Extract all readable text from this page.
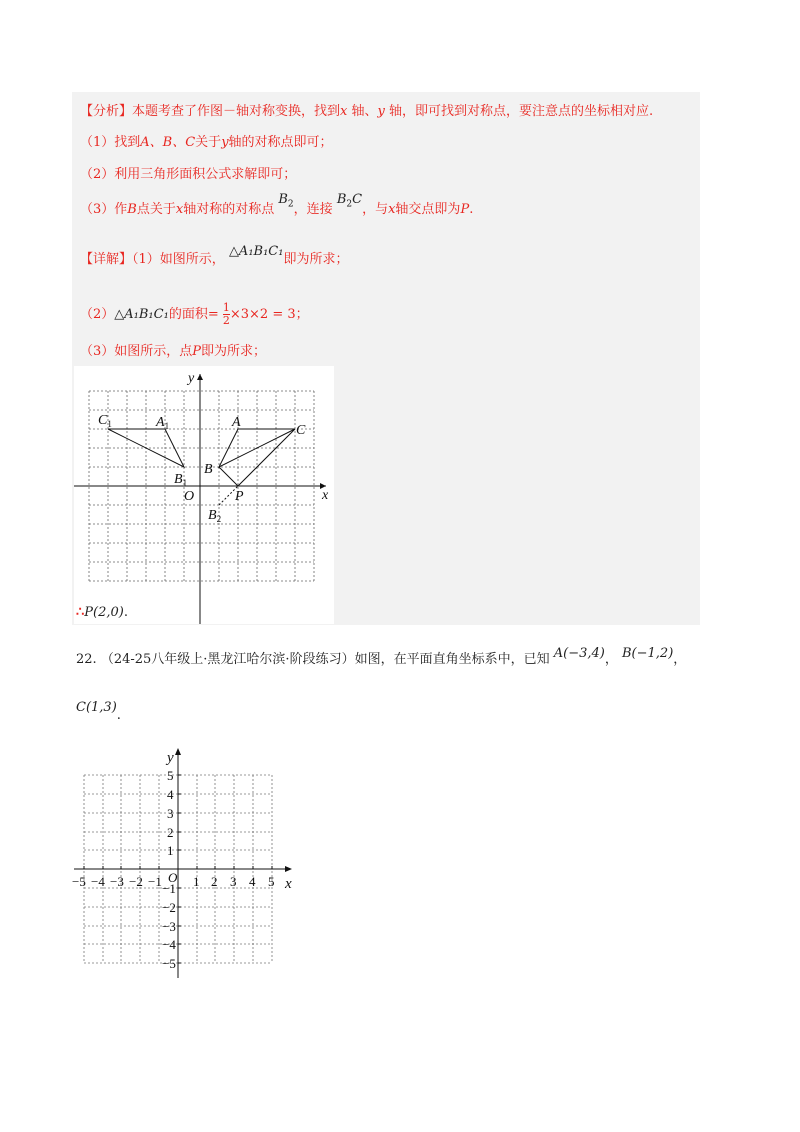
【分析】本题考查了作图－轴对称变换，找到x 轴、y 轴，即可找到对称点，要注意点的坐标相对应.
（1）找到A、B、C关于y轴的对称点即可；
（2）利用三角形面积公式求解即可；
（3）作B点关于x轴对称的对称点 $B_2$，连接 $B_2C$，与x轴交点即为P.
【详解】（1）如图所示， △A₁B₁C₁即为所求；
（2）△A₁B₁C₁的面积= $\frac{1}{2} \times 3\times 2 = 3$；
（3）如图所示，点P即为所求；
y
x
O
A
B
C
$A_1$
$B_1$
$C_1$
P
$B_2$
∴P(2,0).
22. （24-25八年级上·黑龙江哈尔滨·阶段练习）如图，在平面直角坐标系中，已知 A(−3,4)， B(−1,2)，
C(1,3).
y
x
O
−5 −4 −3 −2 −1 1 2 3 4 5
5
4
3
2
1
−1
−2
−3
−4
−5
